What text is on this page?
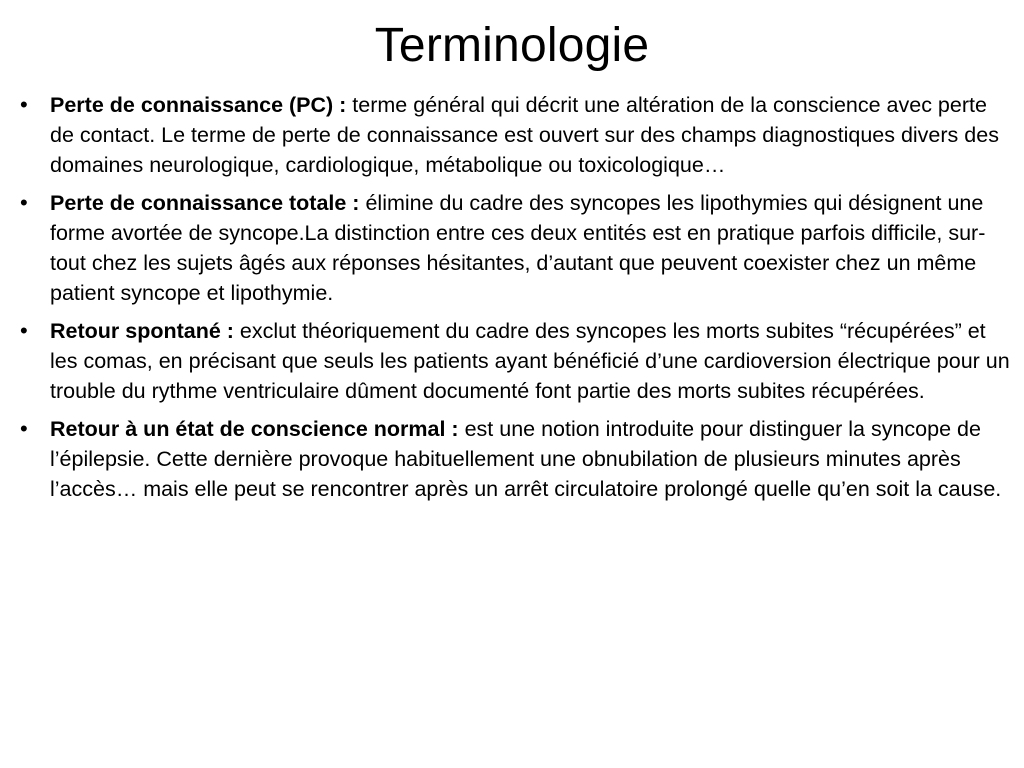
Terminologie
•	Perte de connaissance (PC) : terme général qui décrit une altération de la conscience avec perte de contact. Le terme de perte de connaissance est ouvert sur des champs diagnostiques divers des domaines neurologique, cardiologique, métabolique ou toxicologique…
•	Perte de connaissance totale : élimine du cadre des syncopes les lipothymies qui désignent une forme avortée de syncope.La distinction entre ces deux entités est en pratique parfois difficile, sur-tout chez les sujets âgés aux réponses hésitantes, d’autant que peuvent coexister chez un même patient syncope et lipothymie.
•	Retour spontané : exclut théoriquement du cadre des syncopes les morts subites “récupérées” et les comas, en précisant que seuls les patients ayant bénéficié d’une cardioversion électrique pour un trouble du rythme ventriculaire dûment documenté font partie des morts subites récupérées.
•	Retour à un état de conscience normal : est une notion introduite pour distinguer la syncope de l’épilepsie. Cette dernière provoque habituellement une obnubilation de plusieurs minutes après l’accès… mais elle peut se rencontrer après un arrêt circulatoire prolongé quelle qu’en soit la cause.
